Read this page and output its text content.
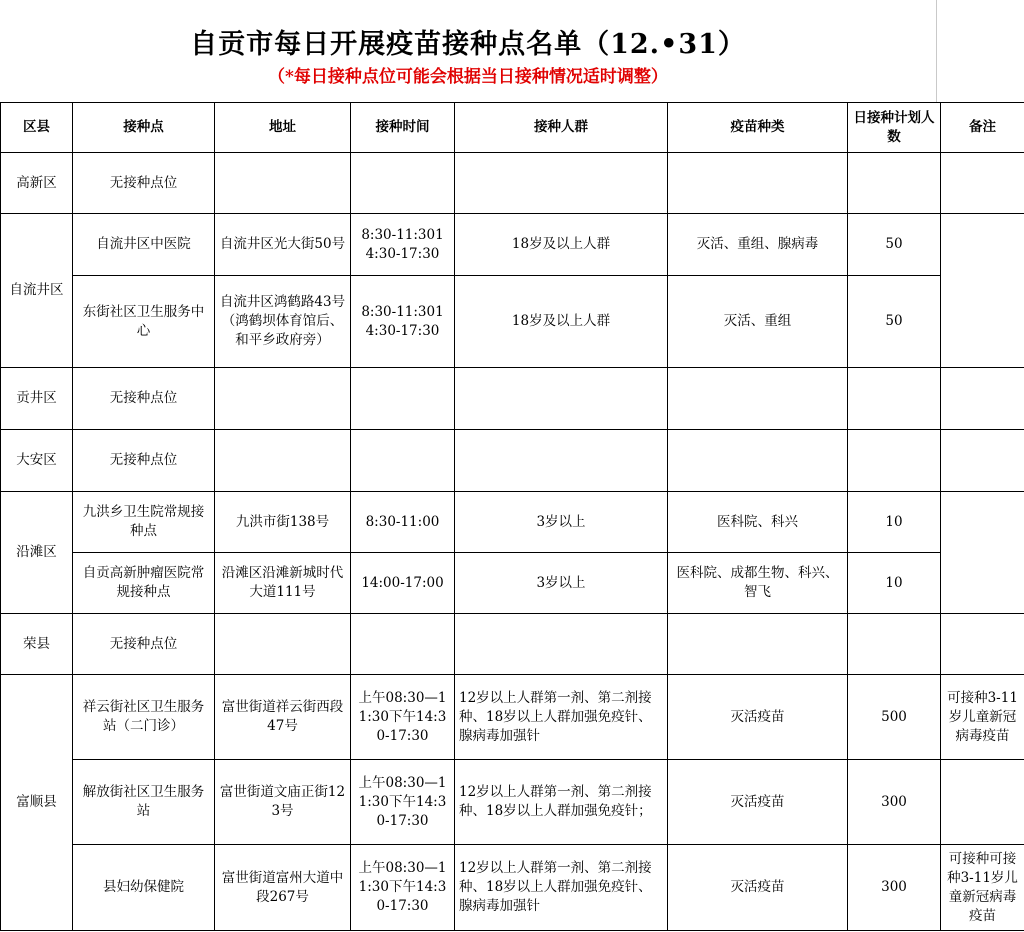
自贡市每日开展疫苗接种点名单（12.•31）
（*每日接种点位可能会根据当日接种情况适时调整）
区县	接种点	地址	接种时间	接种人群	疫苗种类	日接种计划人数	备注
高新区	无接种点位						
自流井区	自流井区中医院	自流井区光大街50号	8:30-11:3014:30-17:30	18岁及以上人群	灭活、重组、腺病毒	50	
	东街社区卫生服务中心	自流井区鸿鹤路43号（鸿鹤坝体育馆后、和平乡政府旁）	8:30-11:3014:30-17:30	18岁及以上人群	灭活、重组	50	
贡井区	无接种点位						
大安区	无接种点位						
沿滩区	九洪乡卫生院常规接种点	九洪市街138号	8:30-11:00	3岁以上	医科院、科兴	10	
	自贡高新肿瘤医院常规接种点	沿滩区沿滩新城时代大道111号	14:00-17:00	3岁以上	医科院、成都生物、科兴、智飞	10	
荣县	无接种点位						
富顺县	祥云街社区卫生服务站（二门诊）	富世街道祥云街西段47号	上午08:30—11:30下午14:30-17:30	12岁以上人群第一剂、第二剂接种、18岁以上人群加强免疫针、腺病毒加强针	灭活疫苗	500	可接种3-11岁儿童新冠病毒疫苗
	解放街社区卫生服务站	富世街道文庙正街123号	上午08:30—11:30下午14:30-17:30	12岁以上人群第一剂、第二剂接种、18岁以上人群加强免疫针；	灭活疫苗	300	
	县妇幼保健院	富世街道富州大道中段267号	上午08:30—11:30下午14:30-17:30	12岁以上人群第一剂、第二剂接种、18岁以上人群加强免疫针、腺病毒加强针	灭活疫苗	300	可接种可接种3-11岁儿童新冠病毒疫苗
